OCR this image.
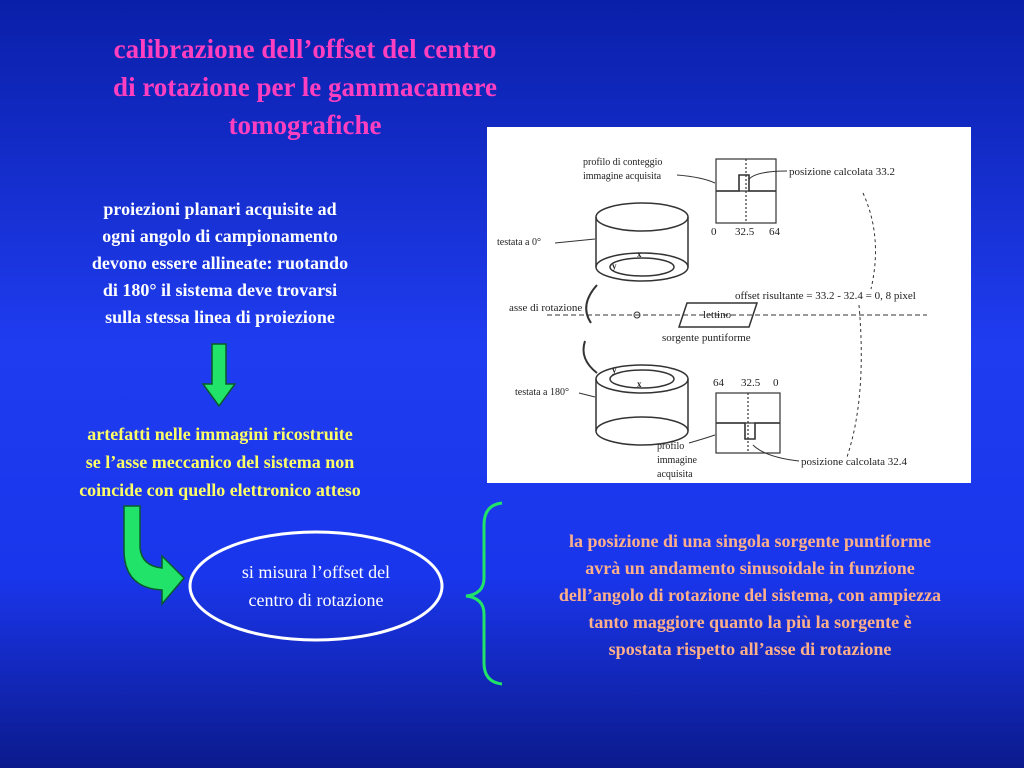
calibrazione dell’offset del centro
di rotazione per le gammacamere
tomografiche
proiezioni planari acquisite ad
ogni angolo di campionamento
devono essere allineate: ruotando
di 180° il sistema deve trovarsi
sulla stessa linea di proiezione
artefatti nelle immagini ricostruite
se l’asse meccanico del sistema non
coincide con quello elettronico atteso
la posizione di una singola sorgente puntiforme
avrà un andamento sinusoidale in funzione
dell’angolo di rotazione del sistema, con ampiezza
tanto maggiore quanto la più la sorgente è
spostata rispetto all’asse di rotazione
si misura l’offset del
centro di rotazione
0 32.5 64
profilo di conteggio
immagine acquisita	posizione calcolata 33.2
x
y
testata a 0°
asse di rotazione
lettino
sorgente puntiforme
offset risultante = 33.2 - 32.4 = 0, 8 pixel
y
x
testata a 180°
64 32.5 0
profilo
immagine
acquisita
posizione calcolata 32.4
